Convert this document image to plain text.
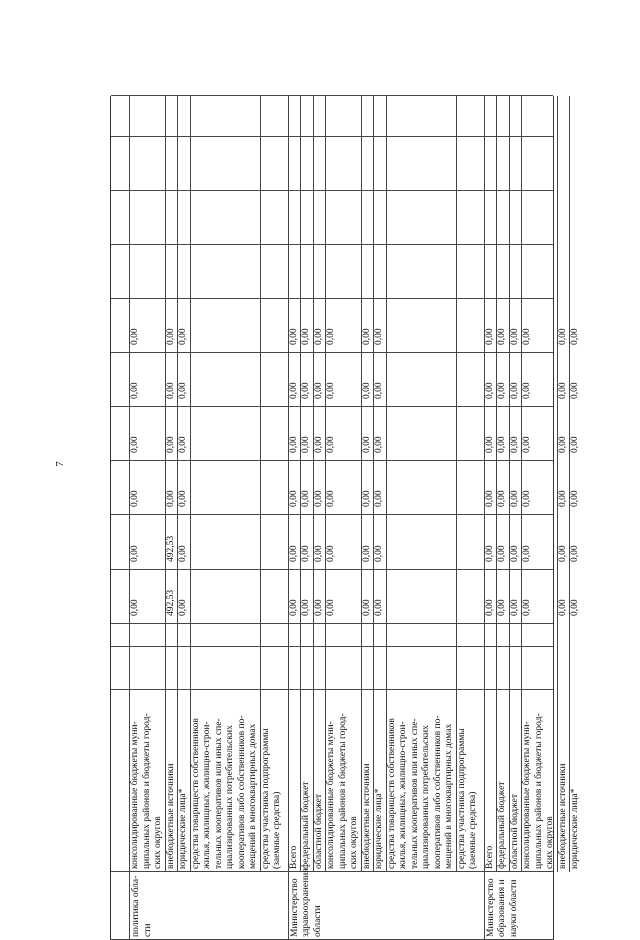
7
политика обла- сти
консолидированные бюджеты муни- ципальных районов и бюджеты город- ских округов
0,00
0,00
0,00
0,00
0,00
0,00
внебюджетные источники
492,53
492,53
0,00
0,00
0,00
0,00
юридические лица*
0,00
0,00
0,00
0,00
0,00
0,00
средства товариществ собственников жилья, жилищных, жилищно-строи- тельных кооперативов или иных спе- циализированных потребительских кооперативов либо собственников по- мещений в многоквартирных домах средства участника подпрограммы (заемные средства)
Министерство здравоохранения области
Всего
0,00
0,00
0,00
0,00
0,00
0,00
федеральный бюджет
0,00
0,00
0,00
0,00
0,00
0,00
областной бюджет
0,00
0,00
0,00
0,00
0,00
0,00
консолидированные бюджеты муни- ципальных районов и бюджеты город- ских округов
0,00
0,00
0,00
0,00
0,00
0,00
внебюджетные источники
0,00
0,00
0,00
0,00
0,00
0,00
юридические лица*
0,00
0,00
0,00
0,00
0,00
0,00
средства товариществ собственников жилья, жилищных, жилищно-строи- тельных кооперативов или иных спе- циализированных потребительских кооперативов либо собственников по- мещений в многоквартирных домах средства участника подпрограммы (заемные средства)
Министерство образования и науки области
Всего
0,00
0,00
0,00
0,00
0,00
0,00
федеральный бюджет
0,00
0,00
0,00
0,00
0,00
0,00
областной бюджет
0,00
0,00
0,00
0,00
0,00
0,00
консолидированные бюджеты муни- ципальных районов и бюджеты город- ских округов
0,00
0,00
0,00
0,00
0,00
0,00
внебюджетные источники
0,00
0,00
0,00
0,00
0,00
0,00
юридические лица*
0,00
0,00
0,00
0,00
0,00
0,00
